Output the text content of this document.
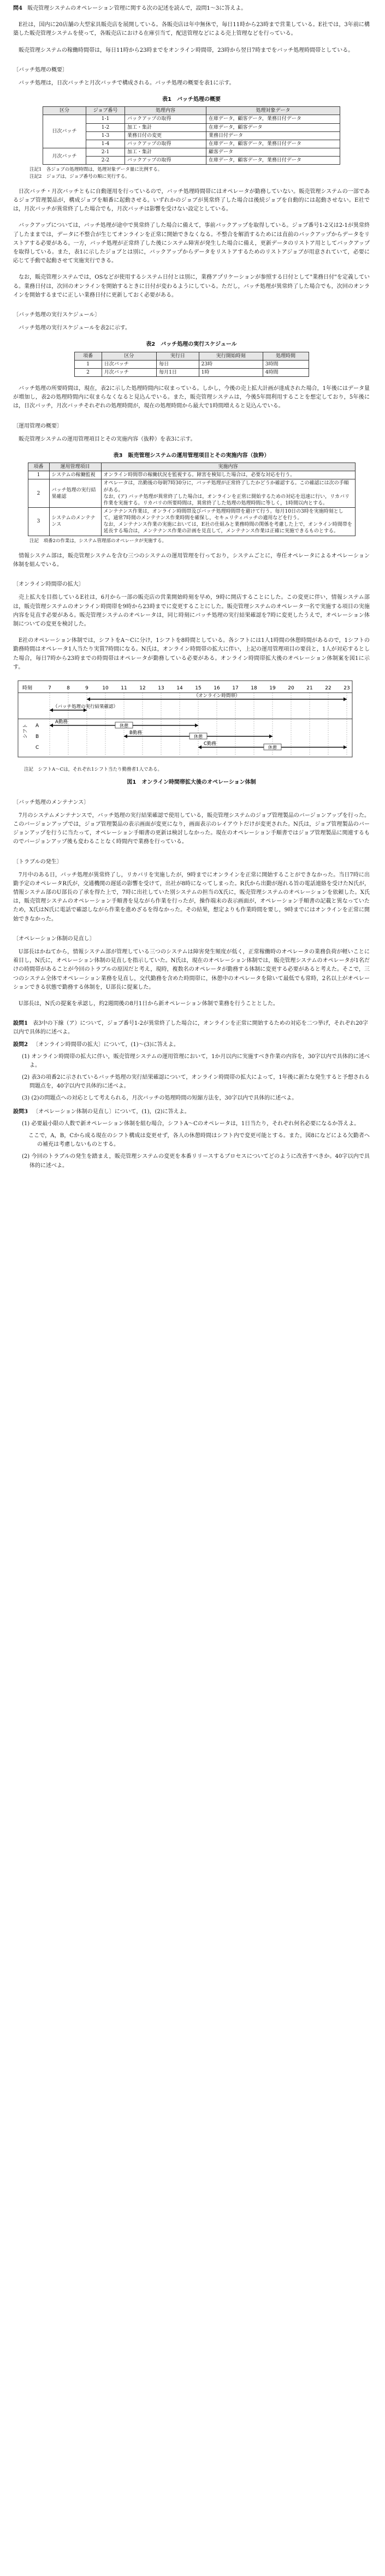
問4 販売管理システムのオペレーション管理に関する次の記述を読んで，設問1～3に答えよ。

E社は，国内に20店舗の大型家具販売店を展開している。各販売店は年中無休で，毎日11時から23時まで営業している。E社では，3年前に構築した販売管理システムを使って，各販売店における在庫引当て，配送管理などによる売上管理などを行っている。

販売管理システムの稼働時間帯は，毎日11時から23時までをオンライン時間帯，23時から翌日7時までをバッチ処理時間帯としている。

〔バッチ処理の概要〕

バッチ処理は，日次バッチと月次バッチで構成される。バッチ処理の概要を表1に示す。

表1　バッチ処理の概要
区分	ジョブ番号	処理内容	処理対象データ
日次バッチ	1-1	バックアップの取得	在庫データ，顧客データ，業務日付データ
	1-2	加工・集計	在庫データ，顧客データ
	1-3	業務日付の変更	業務日付データ
	1-4	バックアップの取得	在庫データ，顧客データ，業務日付データ
月次バッチ	2-1	加工・集計	顧客データ
	2-2	バックアップの取得	在庫データ，顧客データ，業務日付データ
注記1　各ジョブの処理時間は，処理対象データ量に比例する。
注記2　ジョブは，ジョブ番号の順に実行する。

日次バッチ・月次バッチともに自動運用を行っているので，バッチ処理時間帯にはオペレータが勤務していない。販売管理システムの一部であるジョブ管理製品が，構成ジョブを順番に起動させる。いずれかのジョブが異常終了した場合は後続ジョブを自動的には起動させない。E社では，月次バッチが異常終了した場合でも，月次バッチは影響を受けない設定としている。

バックアップについては，バッチ処理が途中で異常終了した場合に備えて，事前バックアップを取得している。ジョブ番号1-2又は2-1が異常終了したままでは，データに不整合が生じてオンラインを正常に開始できなくなる。不整合を解消するためには直前のバックアップからデータをリストアする必要がある。一方，バッチ処理が正常終了した後にシステム障害が発生した場合に備え，更新データのリストア用としてバックアップを取得している。また，表1に示したジョブとは別に，バックアップからデータをリストアするためのリストアジョブが用意されていて，必要に応じて手動で起動させて実施実行できる。

なお，販売管理システムでは，OSなどが使用するシステム日付とは別に，業務アプリケーションが参照する日付として"業務日付"を定義している。業務日付は，次回のオンラインを開始するときに日付が変わるようにしている。ただし，バッチ処理が異常終了した場合でも，次回のオンラインを開始するまでに正しい業務日付に更新しておく必要がある。

〔バッチ処理の実行スケジュール〕

バッチ処理の実行スケジュールを表2に示す。

表2　バッチ処理の実行スケジュール
項番	区分	実行日	実行開始時刻	処理時間
1	日次バッチ	毎日	23時	3時間
2	月次バッチ	毎月1日	1時	4時間

バッチ処理の所要時間は，現在，表2に示した処理時間内に収まっている。しかし，今後の売上拡大計画が達成された場合，1年後にはデータ量が増加し，表2の処理時間内に収まらなくなると見込んでいる。また，販売管理システムは，今後5年間利用することを想定しており，5年後には，日次バッチ，月次バッチそれぞれの処理時間が，現在の処理時間から最大で1時間増えると見込んでいる。

〔運用管理の概要〕

販売管理システムの運用管理項目とその実施内容（抜粋）を表3に示す。

表3　販売管理システムの運用管理項目とその実施内容（抜粋）
項番	運用管理項目	実施内容
1	システムの稼働監視	オンライン時間帯の稼働状況を監視する。障害を検知した場合は，必要な対応を行う。

2	バッチ処理の実行結果確認	オペレータは，出勤後の毎朝7時30分に，バッチ処理が正常終了したかどうか確認する。この確認には次の手順がある。
なお，(ア) バッチ処理が異常終了した場合は，オンラインを正常に開始するための対応を迅速に行い，リカバリ作業を実施する。リカバリの所要時間は，異常終了した処理の処理時間に等しく，1時間以内とする。

3	システムのメンテナンス	メンテナンス作業は，オンライン時間帯及びバッチ処理時間帯を避けて行う。毎月10日の3時を実施時刻として，通常7時間のメンテナンス作業時間を確保し，セキュリティパッチの適用などを行う。
なお，メンテナンス作業の実施においては，E社の仕組みと業務時間の関係を考慮した上で，オンライン時間帯を延長する場合は，メンテナンス作業の計画を見直して，メンテナンス作業は正確に実施できるものとする。
注記　項番2の作業は，システム管理部のオペレータが実施する。

情報システム部は，販売管理システムを含む三つのシステムの運用管理を行っており，システムごとに，専任オペレータによるオペレーション体制を組んでいる。

〔オンライン時間帯の拡大〕

売上拡大を目指しているE社は，6月から一部の販売店の営業開始時刻を早め，9時に開店することにした。この変更に伴い，情報システム部は，販売管理システムのオンライン時間帯を9時から23時までに変更することにした。販売管理システムのオペレータ一名で実施する項目の実施内容を見直す必要がある。販売管理システムのオペレータは，同じ時刻にバッチ処理の実行結果確認を7時に変更したうえで，オペレーション体制についての変更を検討した。

E社のオペレーション体制では，シフトをA～Cに分け，1シフトを8時間としている。各シフトには1人1時間の休憩時間があるので，1シフトの勤務時間はオペレータ1人当たり実質7時間になる。N氏は，オンライン時間帯の拡大に伴い，上記の運用管理項目の要員と，1人が対応するとした場合，毎日7時から23時までの時間帯はオペレータが勤務している必要がある。オンライン時間帯拡大後のオペレーション体制案を図1に示す。

時刻	7	8	9	10	11	12	13	14	15	16	17	18	19	20	21	22	23
（オンライン時間帯）
（バッチ処理の実行結果確認）
シフト A
A勤務
休憩
B
B勤務
休憩
C
C勤務
休憩
注記　シフトA～Cは，それぞれ1シフト当たり勤務者1人である。
図1　オンライン時間帯拡大後のオペレーション体制
〔バッチ処理のメンテナンス〕

7月のシステムメンテナンスで，バッチ処理の実行結果確認で使用している，販売管理システムのジョブ管理製品のバージョンアップを行った。このバージョンアップでは，ジョブ管理製品の表示画面が変更になり，画面表示のレイアウトだけが変更された。N氏は，ジョブ管理製品のバージョンアップを行うに当たって，オペレーション手順書の更新は検討しなかった。現在のオペレーション手順書ではジョブ管理製品に関連するものでバージョンアップ後も変わることなく時間内で業務を行っている。

〔トラブルの発生〕

7月中のある日，バッチ処理が異常終了し，リカバリを実施したが，9時までにオンラインを正常に開始することができなかった。当日7時に出勤予定のオペレータR氏が，交通機関の遅延の影響を受けて，出社が8時になってしまった。R氏から出勤が遅れる旨の電話連絡を受けたN氏が，情報システム部のU部長の了承を得た上で，7時に出社していた別システムの担当のX氏に，販売管理システムのオペレーションを依頼した。X氏は，販売管理システムのオペレーション手順書を見ながら作業を行ったが，操作端末の表示画面が，オペレーション手順書の記載と異なっていたため，X氏はN氏に電話で確認しながら作業を進めざるを得なかった。その結果，想定よりも作業時間を要し，9時までにはオンラインを正常に開始できなかった。

〔オペレーション体制の見直し〕

U部長はかねてから，情報システム部が管理している三つのシステムは障害発生頻度が低く，正常稼働時のオペレータの業務負荷が軽いことに着目し，N氏に，オペレーション体制の見直しを指示していた。N氏は，現在のオペレーション体制では，販売管理システムのオペレータが1名だけの時間帯があることが今回のトラブルの原因だと考え，現時，複数名のオペレータが勤務する体制に変更する必要があると考えた。そこで，三つのシステム全体でオペレーション業務を見直し，交代勤務を含めた時間帯に，休憩中のオペレータを除いて最低でも常時，2名以上がオペレーションできる状態で勤務する体制を，U部長に提案した。

U部長は，N氏の提案を承認し，約2週間後の8月1日から新オペレーション体制で業務を行うこととした。

設問1 表3中の下線（ア）について，ジョブ番号1-2が異常終了した場合に，オンラインを正常に開始するための対応を二つ挙げ，それぞれ20字以内で具体的に述べよ。
設問2 〔オンライン時間帯の拡大〕について，(1)～(3)に答えよ。
(1) オンライン時間帯の拡大に伴い，販売管理システムの運用管理において，1か月以内に実施すべき作業の内容を，30字以内で具体的に述べよ。
(2) 表3の項番2に示されているバッチ処理の実行結果確認について，オンライン時間帯の拡大によって，1年後に新たな発生すると予想される問題点を，40字以内で具体的に述べよ。
(3) (2)の問題点への対応として考えられる，月次バッチの処理時間の短縮方法を，30字以内で具体的に述べよ。
設問3 〔オペレーション体制の見直し〕について，(1)，(2)に答えよ。
(1) 必要最小限の人数で新オペレーション体制を組む場合，シフトA～Cのオペレータは，1日当たり，それぞれ何名必要になるか答えよ。
ここで，A，B，Cから成る現在のシフト構成は変更せず，各人の休憩時間はシフト内で変更可能とする。また，図8になどによる欠勤者への補充は考慮しないものとする。
(2) 今回のトラブルの発生を踏まえ，販売管理システムの変更を本番リリースするプロセスについてどのように改善すべきか。40字以内で具体的に述べよ。
